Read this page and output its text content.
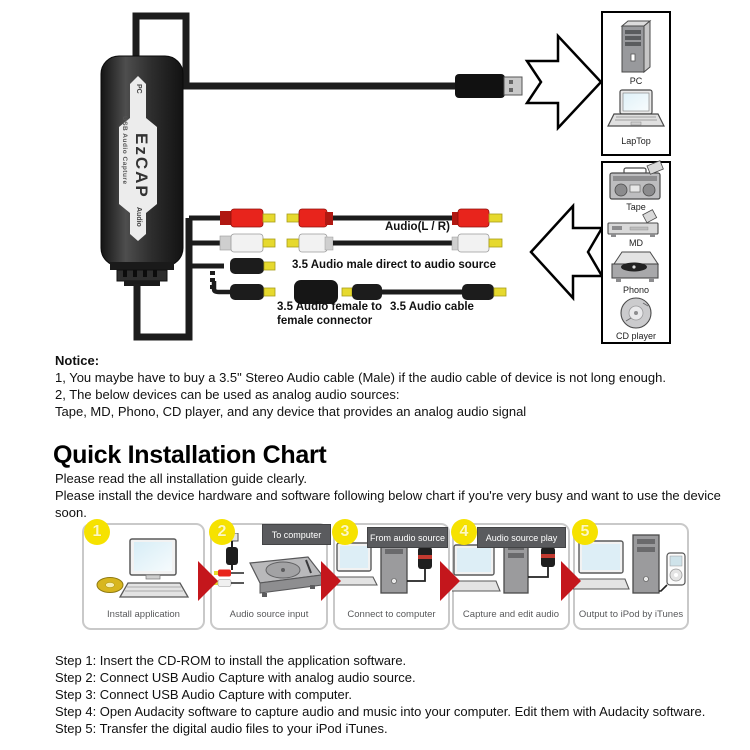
PC
USB Audio Capture EzCAP
Audio
Audio(L / R)
3.5 Audio male direct to audio source
3.5 Audio female to
female connector
3.5 Audio cable
PC
LapTop
Tape
MD
Phono
CD player
Notice:
1, You maybe have to buy a 3.5" Stereo Audio cable (Male) if the audio cable of device is not long enough.
2, The below devices can be used as analog audio sources:
Tape, MD, Phono, CD player, and any device that provides an analog audio signal
Quick Installation Chart
Please read the all installation guide clearly.
Please install the device hardware and software following below chart if you're very busy and want to use the device
soon.
1	2	3	4	5
To computer	From audio source	Audio source play
Install application	Audio source input	Connect to computer	Capture and edit audio	Output to iPod by iTunes
Step 1: Insert the CD-ROM to install the application software.
Step 2: Connect USB Audio Capture with analog audio source.
Step 3: Connect USB Audio Capture with computer.
Step 4: Open Audacity software to capture audio and music into your computer. Edit them with Audacity software.
Step 5: Transfer the digital audio files to your iPod iTunes.
